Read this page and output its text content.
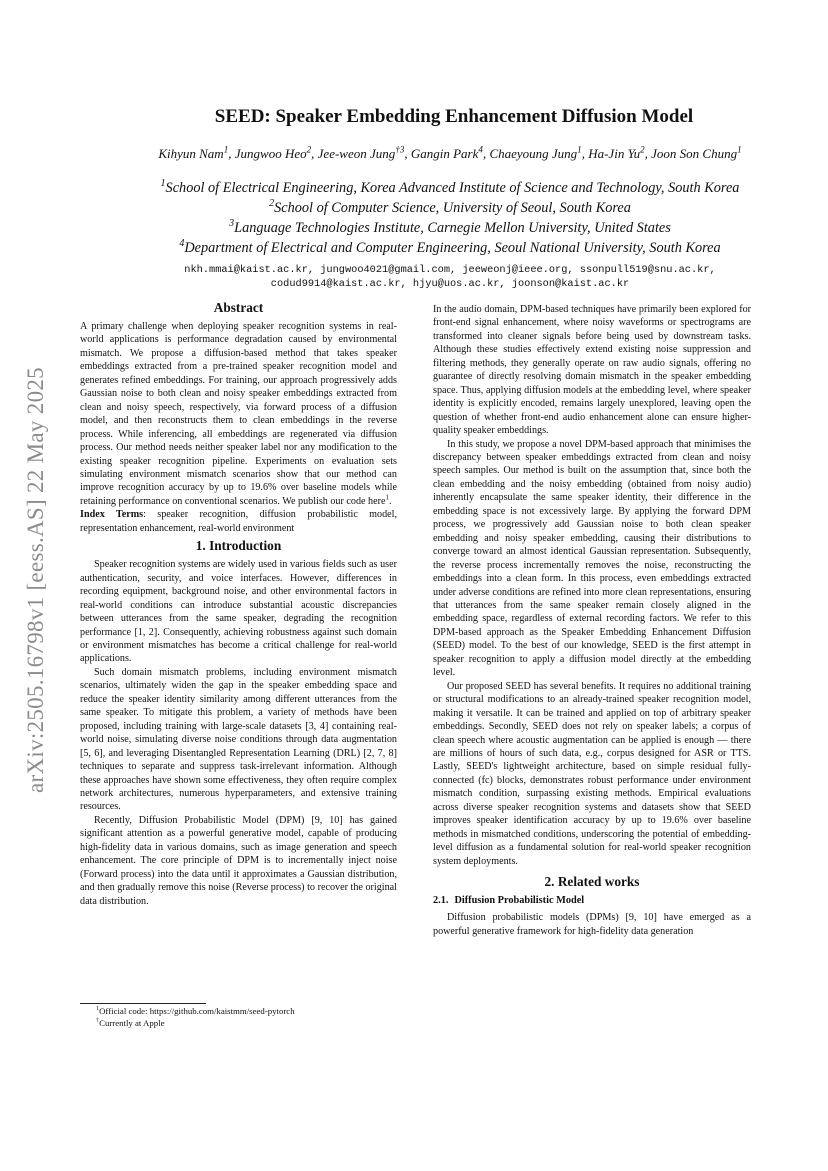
arXiv:2505.16798v1 [eess.AS] 22 May 2025
SEED: Speaker Embedding Enhancement Diffusion Model
Kihyun Nam$^1$, Jungwoo Heo$^2$, Jee-weon Jung$^{\dagger 3}$, Gangin Park$^4$, Chaeyoung Jung$^1$, Ha-Jin Yu$^2$, Joon Son Chung$^1$
$^1$School of Electrical Engineering, Korea Advanced Institute of Science and Technology, South Korea
$^2$School of Computer Science, University of Seoul, South Korea
$^3$Language Technologies Institute, Carnegie Mellon University, United States
$^4$Department of Electrical and Computer Engineering, Seoul National University, South Korea
nkh.mmai@kaist.ac.kr, jungwoo4021@gmail.com, jeeweonj@ieee.org, ssonpull519@snu.ac.kr,
codud9914@kaist.ac.kr, hjyu@uos.ac.kr, joonson@kaist.ac.kr
Abstract

A primary challenge when deploying speaker recognition systems in real-world applications is performance degradation caused by environmental mismatch. We propose a diffusion-based method that takes speaker embeddings extracted from a pre-trained speaker recognition model and generates refined embeddings. For training, our approach progressively adds Gaussian noise to both clean and noisy speaker embeddings extracted from clean and noisy speech, respectively, via forward process of a diffusion model, and then reconstructs them to clean embeddings in the reverse process. While inferencing, all embeddings are regenerated via diffusion process. Our method needs neither speaker label nor any modification to the existing speaker recognition pipeline. Experiments on evaluation sets simulating environment mismatch scenarios show that our method can improve recognition accuracy by up to 19.6% over baseline models while retaining performance on conventional scenarios. We publish our code here$^1$.

Index Terms: speaker recognition, diffusion probabilistic model, representation enhancement, real-world environment

1. Introduction

Speaker recognition systems are widely used in various fields such as user authentication, security, and voice interfaces. However, differences in recording equipment, background noise, and other environmental factors in real-world conditions can introduce substantial acoustic discrepancies between utterances from the same speaker, degrading the recognition performance [1, 2]. Consequently, achieving robustness against such domain or environment mismatches has become a critical challenge for real-world applications.

Such domain mismatch problems, including environment mismatch scenarios, ultimately widen the gap in the speaker embedding space and reduce the speaker identity similarity among different utterances from the same speaker. To mitigate this problem, a variety of methods have been proposed, including training with large-scale datasets [3, 4] containing real-world noise, simulating diverse noise conditions through data augmentation [5, 6], and leveraging Disentangled Representation Learning (DRL) [2, 7, 8] techniques to separate and suppress task-irrelevant information. Although these approaches have shown some effectiveness, they often require complex network architectures, numerous hyperparameters, and extensive training resources.

Recently, Diffusion Probabilistic Model (DPM) [9, 10] has gained significant attention as a powerful generative model, capable of producing high-fidelity data in various domains, such as image generation and speech enhancement. The core principle of DPM is to incrementally inject noise (Forward process) into the data until it approximates a Gaussian distribution, and then gradually remove this noise (Reverse process) to recover the original data distribution.

In the audio domain, DPM-based techniques have primarily been explored for front-end signal enhancement, where noisy waveforms or spectrograms are transformed into cleaner signals before being used by downstream tasks. Although these studies effectively extend existing noise suppression and filtering methods, they generally operate on raw audio signals, offering no guarantee of directly resolving domain mismatch in the speaker embedding space. Thus, applying diffusion models at the embedding level, where speaker identity is explicitly encoded, remains largely unexplored, leaving open the question of whether front-end audio enhancement alone can ensure higher-quality speaker embeddings.

In this study, we propose a novel DPM-based approach that minimises the discrepancy between speaker embeddings extracted from clean and noisy speech samples. Our method is built on the assumption that, since both the clean embedding and the noisy embedding (obtained from noisy audio) inherently encapsulate the same speaker identity, their difference in the embedding space is not excessively large. By applying the forward DPM process, we progressively add Gaussian noise to both clean speaker embedding and noisy speaker embedding, causing their distributions to converge toward an almost identical Gaussian representation. Subsequently, the reverse process incrementally removes the noise, reconstructing the embeddings into a clean form. In this process, even embeddings extracted under adverse conditions are refined into more clean representations, ensuring that utterances from the same speaker remain closely aligned in the embedding space, regardless of external recording factors. We refer to this DPM-based approach as the Speaker Embedding Enhancement Diffusion (SEED) model. To the best of our knowledge, SEED is the first attempt in speaker recognition to apply a diffusion model directly at the embedding level.

Our proposed SEED has several benefits. It requires no additional training or structural modifications to an already-trained speaker recognition model, making it versatile. It can be trained and applied on top of arbitrary speaker embeddings. Secondly, SEED does not rely on speaker labels; a corpus of clean speech where acoustic augmentation can be applied is enough — there are millions of hours of such data, e.g., corpus designed for ASR or TTS. Lastly, SEED's lightweight architecture, based on simple residual fully-connected (fc) blocks, demonstrates robust performance under environment mismatch condition, surpassing existing methods. Empirical evaluations across diverse speaker recognition systems and datasets show that SEED improves speaker identification accuracy by up to 19.6% over baseline methods in mismatched conditions, underscoring the potential of embedding-level diffusion as a fundamental solution for real-world speaker recognition system deployments.

2. Related works
2.1. Diffusion Probabilistic Model

Diffusion probabilistic models (DPMs) [9, 10] have emerged as a powerful generative framework for high-fidelity data generation

$^1$Official code: https://github.com/kaistmm/seed-pytorch
†Currently at Apple
